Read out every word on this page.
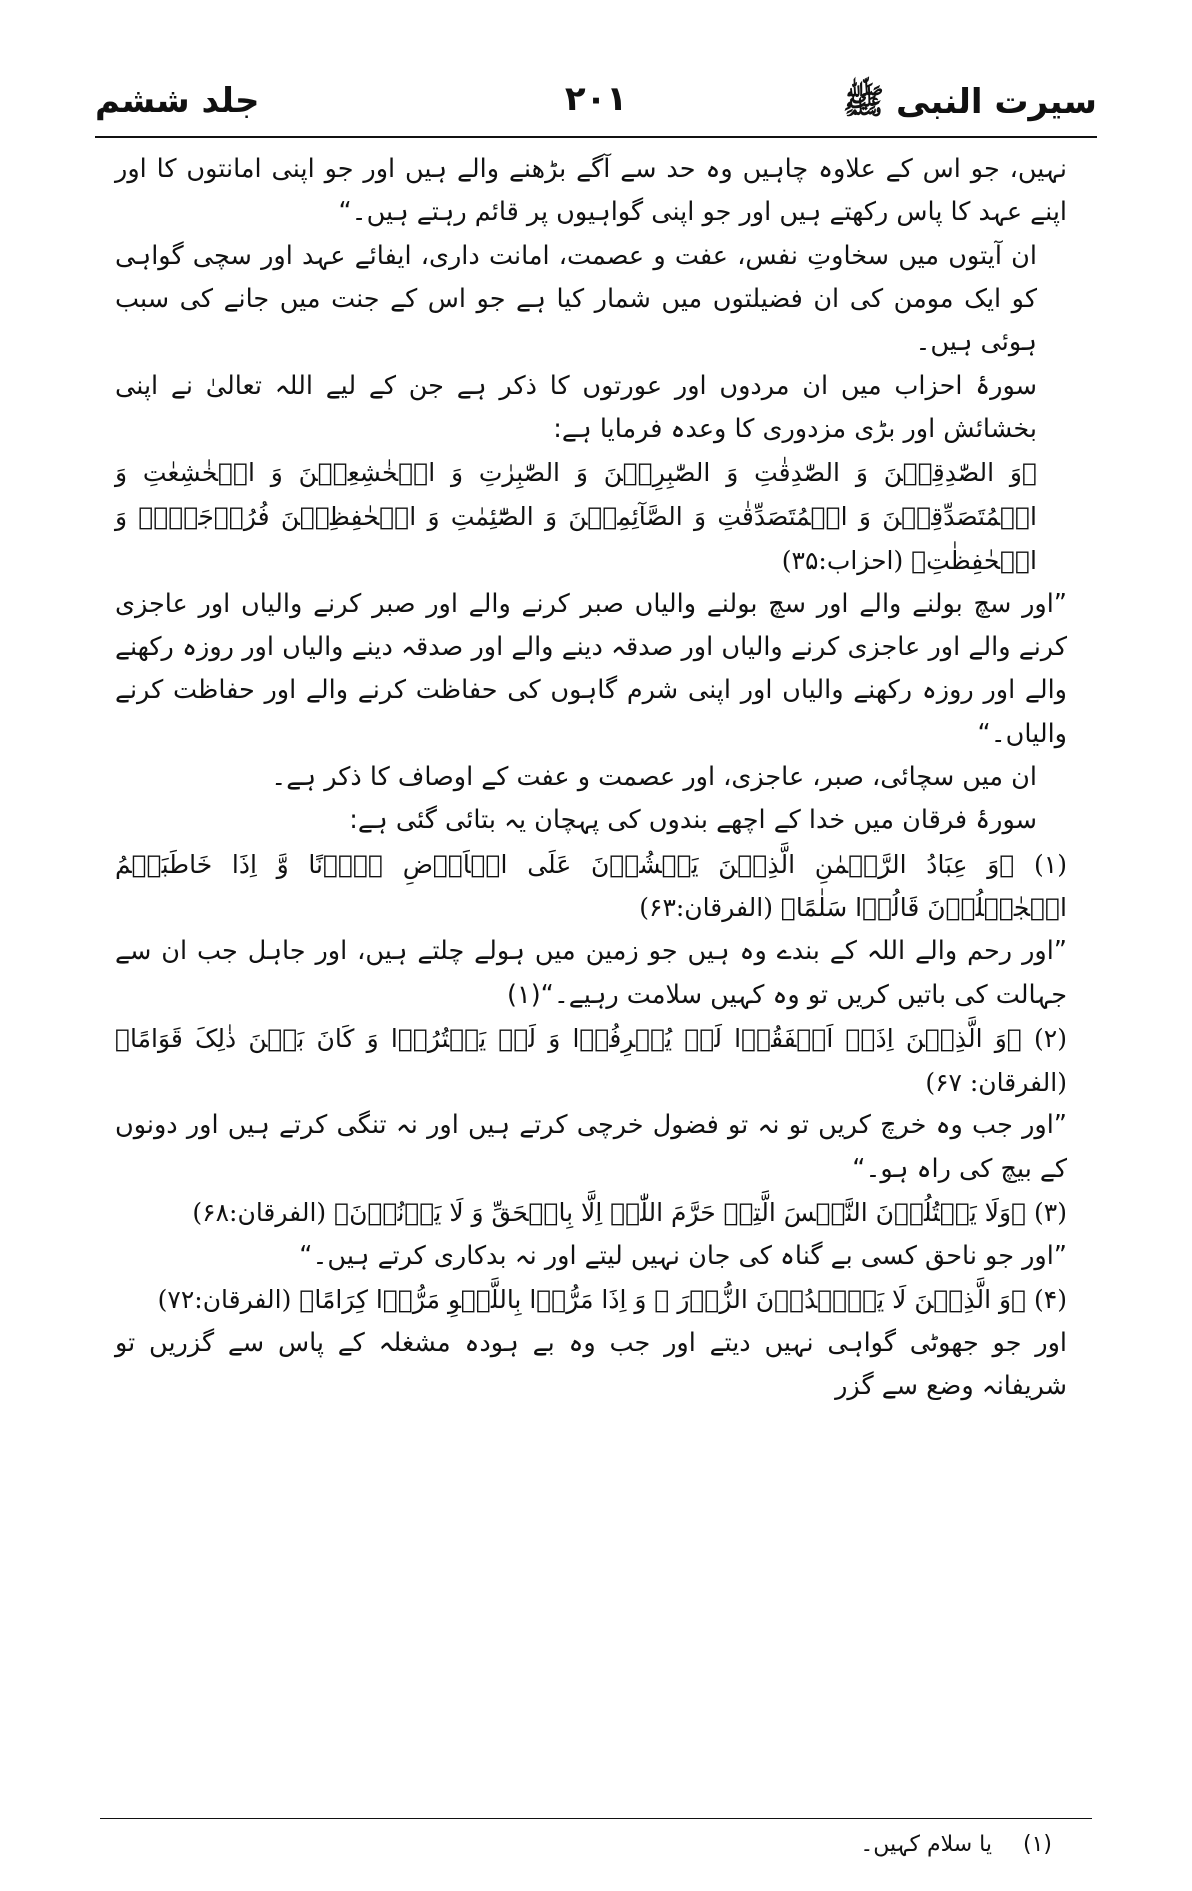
جلد ششم	۲۰۱	سیرت النبی ﷺ

نہیں، جو اس کے علاوہ چاہیں وہ حد سے آگے بڑھنے والے ہیں اور جو اپنی امانتوں کا اور اپنے عہد کا پاس رکھتے ہیں اور جو اپنی گواہیوں پر قائم رہتے ہیں۔“

ان آیتوں میں سخاوتِ نفس، عفت و عصمت، امانت داری، ایفائے عہد اور سچی گواہی کو ایک مومن کی ان فضیلتوں میں شمار کیا ہے جو اس کے جنت میں جانے کی سبب ہوئی ہیں۔

سورۂ احزاب میں ان مردوں اور عورتوں کا ذکر ہے جن کے لیے اللہ تعالیٰ نے اپنی بخشائش اور بڑی مزدوری کا وعدہ فرمایا ہے:

﴿وَ الصّٰدِقِیۡنَ وَ الصّٰدِقٰتِ وَ الصّٰبِرِیۡنَ وَ الصّٰبِرٰتِ وَ الۡخٰشِعِیۡنَ وَ الۡخٰشِعٰتِ وَ الۡمُتَصَدِّقِیۡنَ وَ الۡمُتَصَدِّقٰتِ وَ الصَّآئِمِیۡنَ وَ الصّٰٓئِمٰتِ وَ الۡحٰفِظِیۡنَ فُرُوۡجَہُمۡ وَ الۡحٰفِظٰتِ﴾ (احزاب:۳۵)

”اور سچ بولنے والے اور سچ بولنے والیاں صبر کرنے والے اور صبر کرنے والیاں اور عاجزی کرنے والے اور عاجزی کرنے والیاں اور صدقہ دینے والے اور صدقہ دینے والیاں اور روزہ رکھنے والے اور روزہ رکھنے والیاں اور اپنی شرم گاہوں کی حفاظت کرنے والے اور حفاظت کرنے والیاں۔“

ان میں سچائی، صبر، عاجزی، اور عصمت و عفت کے اوصاف کا ذکر ہے۔

سورۂ فرقان میں خدا کے اچھے بندوں کی پہچان یہ بتائی گئی ہے:

(۱) ﴿وَ عِبَادُ الرَّحۡمٰنِ الَّذِیۡنَ یَمۡشُوۡنَ عَلَی الۡاَرۡضِ ہَوۡنًا وَّ اِذَا خَاطَبَہُمُ الۡجٰہِلُوۡنَ قَالُوۡا سَلٰمًا﴾ (الفرقان:۶۳)

”اور رحم والے اللہ کے بندے وہ ہیں جو زمین میں ہولے چلتے ہیں، اور جاہل جب ان سے جہالت کی باتیں کریں تو وہ کہیں سلامت رہیے۔“(۱)

(۲) ﴿وَ الَّذِیۡنَ اِذَاۤ اَنۡفَقُوۡا لَمۡ یُسۡرِفُوۡا وَ لَمۡ یَقۡتُرُوۡا وَ کَانَ بَیۡنَ ذٰلِکَ قَوَامًا﴾ (الفرقان: ۶۷)

”اور جب وہ خرچ کریں تو نہ تو فضول خرچی کرتے ہیں اور نہ تنگی کرتے ہیں اور دونوں کے بیچ کی راہ ہو۔“

(۳) ﴿وَلَا یَقۡتُلُوۡنَ النَّفۡسَ الَّتِیۡ حَرَّمَ اللّٰہُ اِلَّا بِالۡحَقِّ وَ لَا یَزۡنُوۡنَ﴾ (الفرقان:۶۸)

”اور جو ناحق کسی بے گناہ کی جان نہیں لیتے اور نہ بدکاری کرتے ہیں۔“

(۴) ﴿وَ الَّذِیۡنَ لَا یَشۡہَدُوۡنَ الزُّوۡرَ ۙ وَ اِذَا مَرُّوۡا بِاللَّغۡوِ مَرُّوۡا کِرَامًا﴾ (الفرقان:۷۲)

اور جو جھوٹی گواہی نہیں دیتے اور جب وہ بے ہودہ مشغلہ کے پاس سے گزریں تو شریفانہ وضع سے گزر

(۱) یا سلام کہیں۔
